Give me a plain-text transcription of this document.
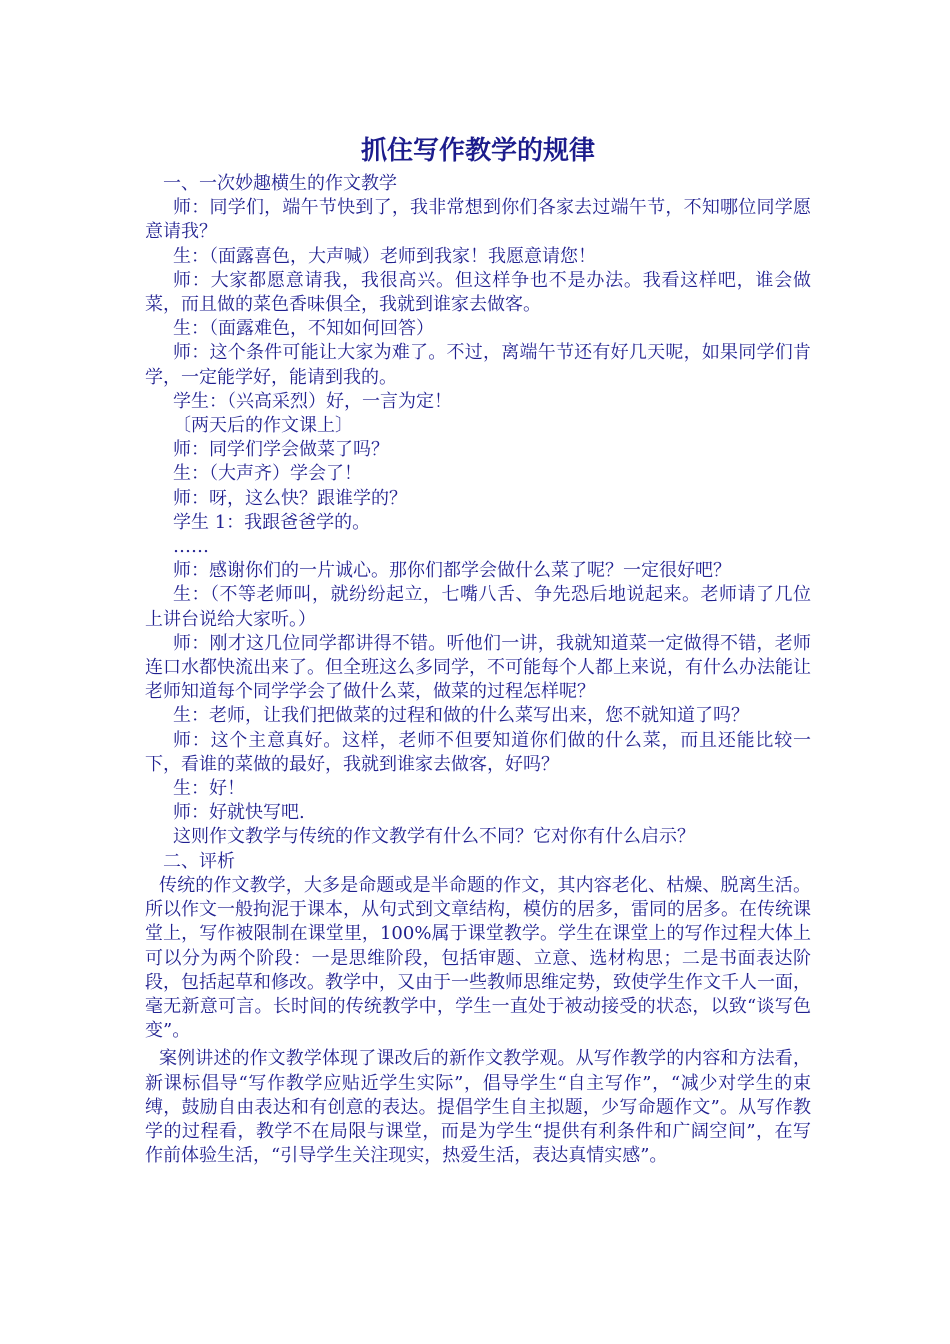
抓住写作教学的规律

一、一次妙趣横生的作文教学

师：同学们，端午节快到了，我非常想到你们各家去过端午节，不知哪位同学愿意请我？

生：（面露喜色，大声喊）老师到我家！我愿意请您！

师：大家都愿意请我，我很高兴。但这样争也不是办法。我看这样吧，谁会做菜，而且做的菜色香味俱全，我就到谁家去做客。

生：（面露难色，不知如何回答）

师：这个条件可能让大家为难了。不过，离端午节还有好几天呢，如果同学们肯学，一定能学好，能请到我的。

学生：（兴高采烈）好，一言为定！

〔两天后的作文课上〕

师：同学们学会做菜了吗？

生：（大声齐）学会了！

师：呀，这么快？跟谁学的？

学生 1：我跟爸爸学的。

……

师：感谢你们的一片诚心。那你们都学会做什么菜了呢？一定很好吧？

生：（不等老师叫，就纷纷起立，七嘴八舌、争先恐后地说起来。老师请了几位上讲台说给大家听。）

师：刚才这几位同学都讲得不错。听他们一讲，我就知道菜一定做得不错，老师连口水都快流出来了。但全班这么多同学，不可能每个人都上来说，有什么办法能让老师知道每个同学学会了做什么菜，做菜的过程怎样呢？

生：老师，让我们把做菜的过程和做的什么菜写出来，您不就知道了吗？

师：这个主意真好。这样，老师不但要知道你们做的什么菜，而且还能比较一下，看谁的菜做的最好，我就到谁家去做客，好吗？

生：好！

师：好就快写吧.

这则作文教学与传统的作文教学有什么不同？它对你有什么启示？

二、评析

传统的作文教学，大多是命题或是半命题的作文，其内容老化、枯燥、脱离生活。所以作文一般拘泥于课本，从句式到文章结构，模仿的居多，雷同的居多。在传统课堂上，写作被限制在课堂里，100%属于课堂教学。学生在课堂上的写作过程大体上可以分为两个阶段：一是思维阶段，包括审题、立意、选材构思；二是书面表达阶段，包括起草和修改。教学中，又由于一些教师思维定势，致使学生作文千人一面，毫无新意可言。长时间的传统教学中，学生一直处于被动接受的状态，以致“谈写色变”。

案例讲述的作文教学体现了课改后的新作文教学观。从写作教学的内容和方法看，新课标倡导“写作教学应贴近学生实际”，倡导学生“自主写作”，“减少对学生的束缚，鼓励自由表达和有创意的表达。提倡学生自主拟题，少写命题作文”。从写作教学的过程看，教学不在局限与课堂，而是为学生“提供有利条件和广阔空间”，在写作前体验生活，“引导学生关注现实，热爱生活，表达真情实感”。
